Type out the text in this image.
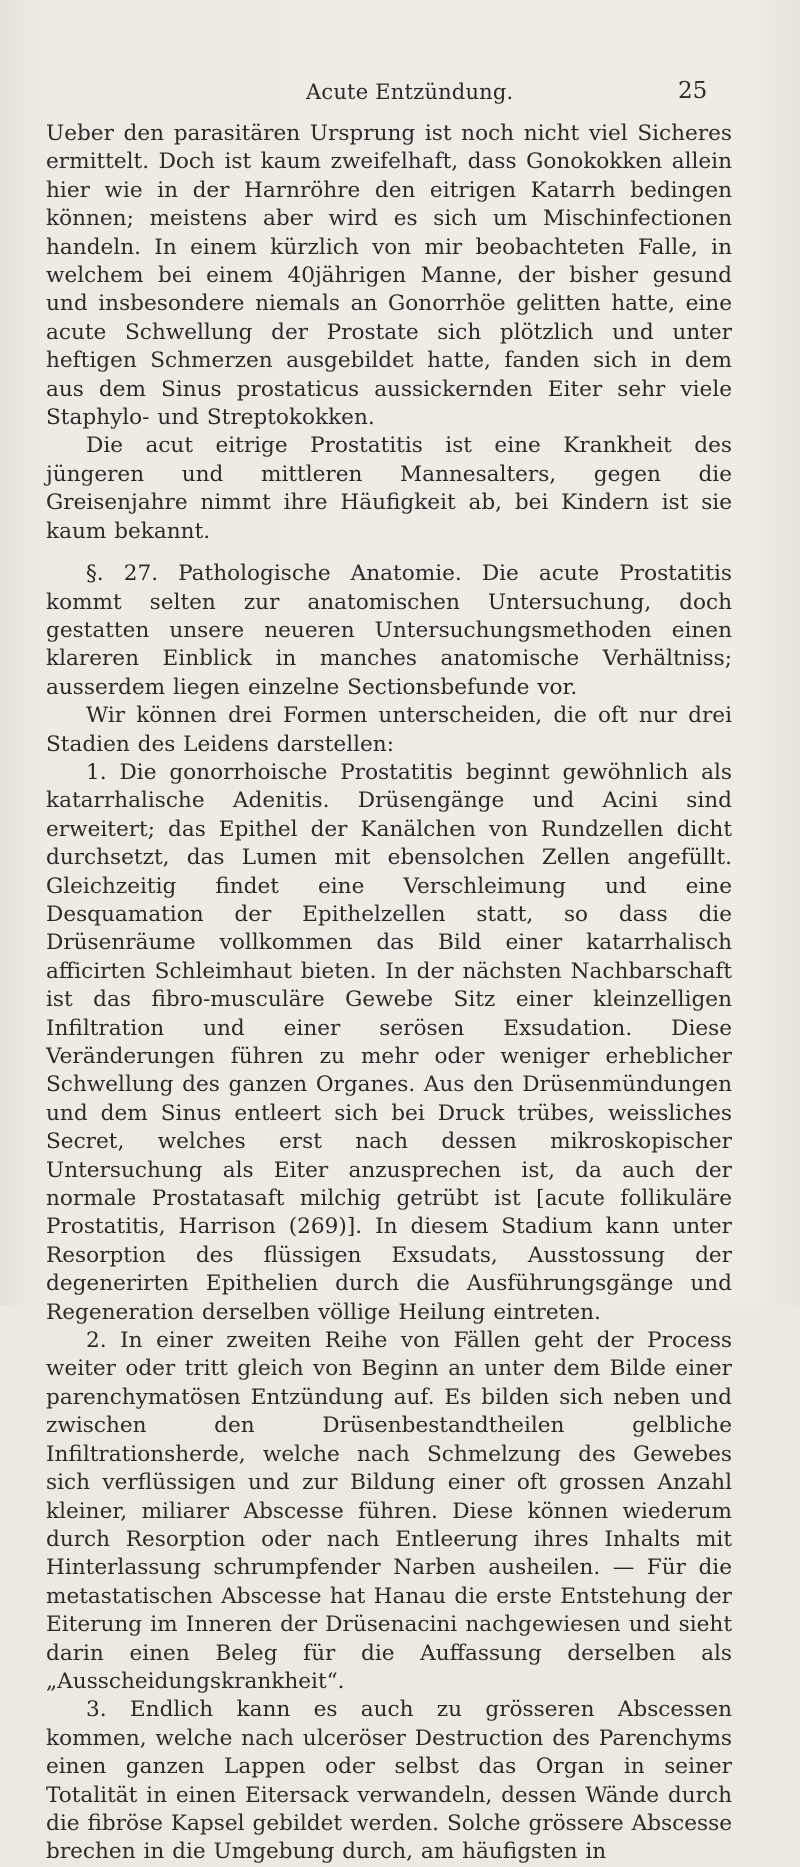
Acute Entzündung.	25

Ueber den parasitären Ursprung ist noch nicht viel Sicheres ermittelt. Doch ist kaum zweifelhaft, dass Gonokokken allein hier wie in der Harnröhre den eitrigen Katarrh bedingen können; meistens aber wird es sich um Mischinfectionen handeln. In einem kürzlich von mir beobachteten Falle, in welchem bei einem 40jährigen Manne, der bisher gesund und insbesondere niemals an Gonorrhöe gelitten hatte, eine acute Schwellung der Prostate sich plötzlich und unter heftigen Schmerzen ausgebildet hatte, fanden sich in dem aus dem Sinus prostaticus aussickernden Eiter sehr viele Staphylo- und Streptokokken.

Die acut eitrige Prostatitis ist eine Krankheit des jüngeren und mittleren Mannesalters, gegen die Greisenjahre nimmt ihre Häufigkeit ab, bei Kindern ist sie kaum bekannt.

§. 27. Pathologische Anatomie. Die acute Prostatitis kommt selten zur anatomischen Untersuchung, doch gestatten unsere neueren Untersuchungsmethoden einen klareren Einblick in manches anatomische Verhältniss; ausserdem liegen einzelne Sectionsbefunde vor.

Wir können drei Formen unterscheiden, die oft nur drei Stadien des Leidens darstellen:

1. Die gonorrhoische Prostatitis beginnt gewöhnlich als katarrhalische Adenitis. Drüsengänge und Acini sind erweitert; das Epithel der Kanälchen von Rundzellen dicht durchsetzt, das Lumen mit ebensolchen Zellen angefüllt. Gleichzeitig findet eine Verschleimung und eine Desquamation der Epithelzellen statt, so dass die Drüsenräume vollkommen das Bild einer katarrhalisch afficirten Schleimhaut bieten. In der nächsten Nachbarschaft ist das fibro-musculäre Gewebe Sitz einer kleinzelligen Infiltration und einer serösen Exsudation. Diese Veränderungen führen zu mehr oder weniger erheblicher Schwellung des ganzen Organes. Aus den Drüsenmündungen und dem Sinus entleert sich bei Druck trübes, weissliches Secret, welches erst nach dessen mikroskopischer Untersuchung als Eiter anzusprechen ist, da auch der normale Prostatasaft milchig getrübt ist [acute follikuläre Prostatitis, Harrison (269)]. In diesem Stadium kann unter Resorption des flüssigen Exsudats, Ausstossung der degenerirten Epithelien durch die Ausführungsgänge und Regeneration derselben völlige Heilung eintreten.

2. In einer zweiten Reihe von Fällen geht der Process weiter oder tritt gleich von Beginn an unter dem Bilde einer parenchymatösen Entzündung auf. Es bilden sich neben und zwischen den Drüsenbestandtheilen gelbliche Infiltrationsherde, welche nach Schmelzung des Gewebes sich verflüssigen und zur Bildung einer oft grossen Anzahl kleiner, miliarer Abscesse führen. Diese können wiederum durch Resorption oder nach Entleerung ihres Inhalts mit Hinterlassung schrumpfender Narben ausheilen. — Für die metastatischen Abscesse hat Hanau die erste Entstehung der Eiterung im Inneren der Drüsenacini nachgewiesen und sieht darin einen Beleg für die Auffassung derselben als „Ausscheidungskrankheit“.

3. Endlich kann es auch zu grösseren Abscessen kommen, welche nach ulceröser Destruction des Parenchyms einen ganzen Lappen oder selbst das Organ in seiner Totalität in einen Eitersack verwandeln, dessen Wände durch die fibröse Kapsel gebildet werden. Solche grössere Abscesse brechen in die Umgebung durch, am häufigsten in
